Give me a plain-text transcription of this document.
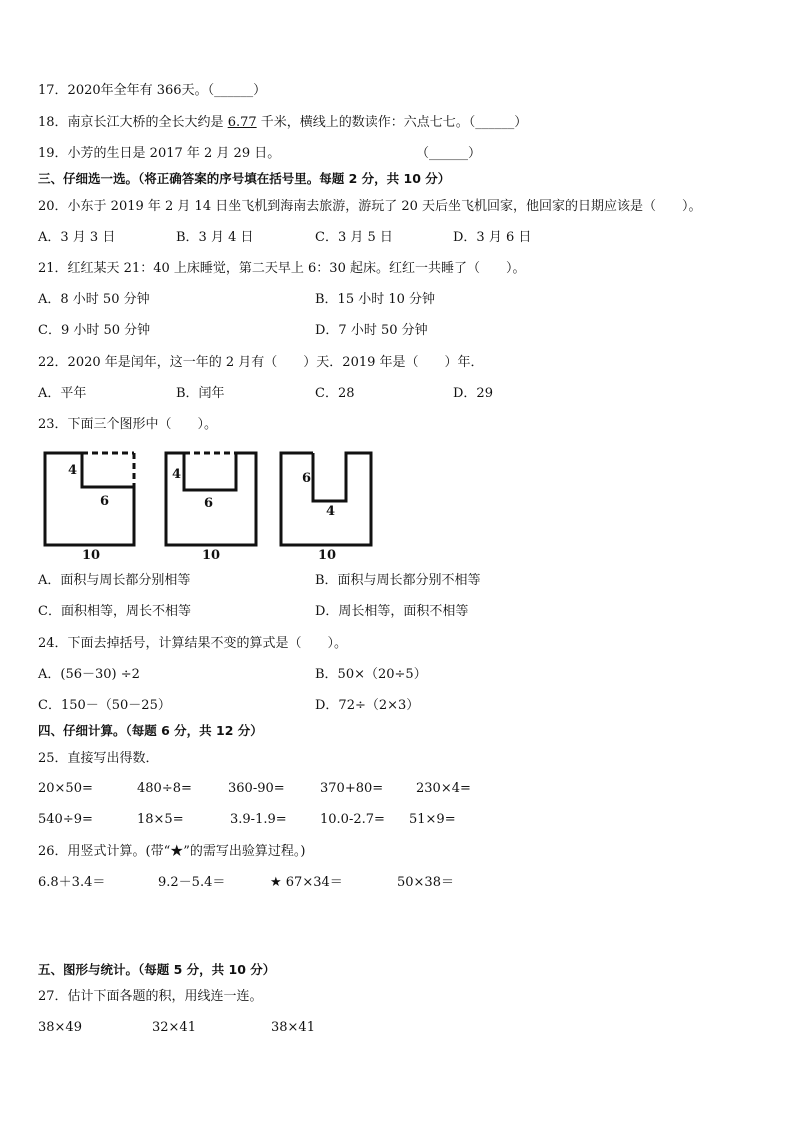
17．2020年全年有 366天。（______）
18．南京长江大桥的全长大约是 6.77 千米，横线上的数读作：六点七七。（______）
19．小芳的生日是 2017 年 2 月 29 日。	（______）
三、仔细选一选。（将正确答案的序号填在括号里。每题 2 分，共 10 分）
20．小东于 2019 年 2 月 14 日坐飞机到海南去旅游，游玩了 20 天后坐飞机回家，他回家的日期应该是（　　）。
A．3 月 3 日	B．3 月 4 日	C．3 月 5 日	D．3 月 6 日
21．红红某天 21：40 上床睡觉，第二天早上 6：30 起床。红红一共睡了（　　）。
A．8 小时 50 分钟	B．15 小时 10 分钟
C．9 小时 50 分钟	D．7 小时 50 分钟
22．2020 年是闰年，这一年的 2 月有（　　）天．2019 年是（　　）年．
A．平年	B．闰年	C．28	D．29
23．下面三个图形中（　　）。
4
6
10
4
6
10
6
4
10
A．面积与周长都分别相等	B．面积与周长都分别不相等
C．面积相等，周长不相等	D．周长相等，面积不相等
24．下面去掉括号，计算结果不变的算式是（　　）。
A．(56－30) ÷2	B．50×（20÷5）
C．150－（50－25）	D．72÷（2×3）
四、仔细计算。（每题 6 分，共 12 分）
25．直接写出得数．
20×50=	480÷8=	360-90=	370+80=	230×4=
540÷9=	18×5=	3.9-1.9=	10.0-2.7= 51×9=
26．用竖式计算。(带“★”的需写出验算过程。)
6.8＋3.4＝	9.2－5.4＝	★ 67×34＝	50×38＝
五、图形与统计。（每题 5 分，共 10 分）
27．估计下面各题的积，用线连一连。
38×49	32×41	38×41
